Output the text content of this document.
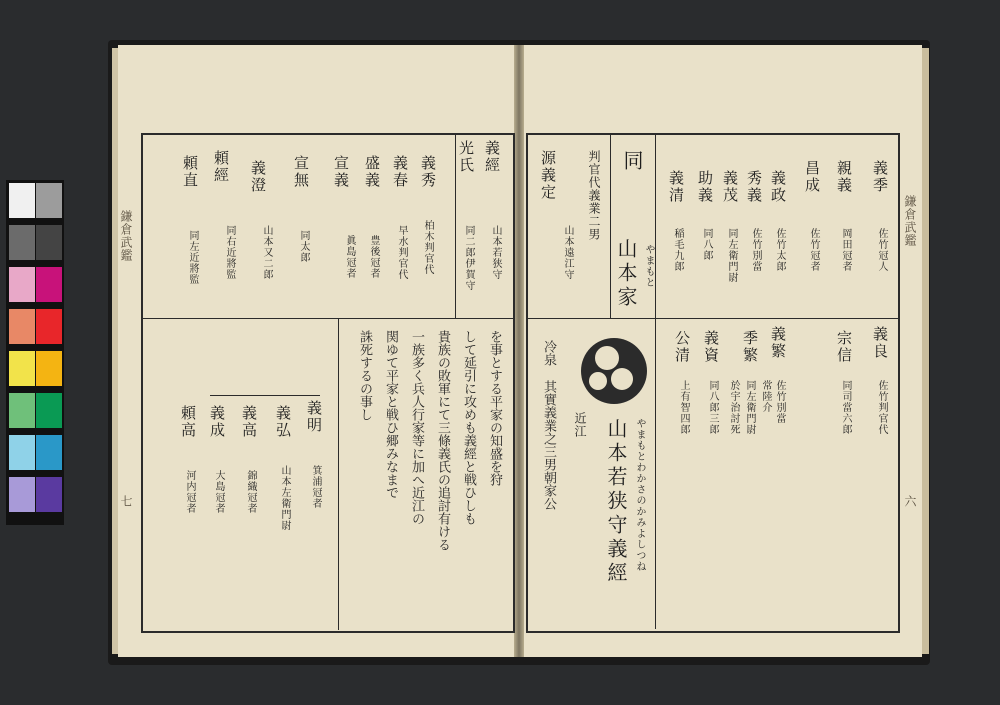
鎌倉武鑑
七
義經
光氏
義秀
義春
盛義
宣義
宣無
義澄
頼經
頼直
山本若狭守
同二郎伊賀守
柏木判官代
早水判官代
豊後冠者
眞島冠者
同太郎
山本又二郎
同右近將監
同左近將監
義明
義弘
義高
義成
頼高
箕浦冠者
山本左衛門尉
錦織冠者
大島冠者
河内冠者
を事とする平家の知盛を狩
して延引に攻めも義經と戦ひしも
貴族の敗軍にて三條義氏の追討有ける
一族多く兵人行家等に加へ近江の
関ゆて平家と戦ひ郷みなまで
誅死するの事し
鎌倉武鑑
六
同
山本家 やまもと
源義定	判官代義業二男
山本遠江守
近江 山本若狭守義經 やまもとわかさのかみよしつね
冷泉
其實義業之三男朝家公
義季
親義
昌成
義政
秀義
義茂
助義
義清
佐竹冠人
岡田冠者
佐竹冠者
佐竹太郎
佐竹別當
同左衛門尉
同八郎
稲毛九郎
義良
宗信
義繁
季繁
義資
公清
佐竹判官代
同司當六郎
佐竹別當
常陸介
同左衛門尉
於宇治討死
同八郎三郎
上有智四郎
